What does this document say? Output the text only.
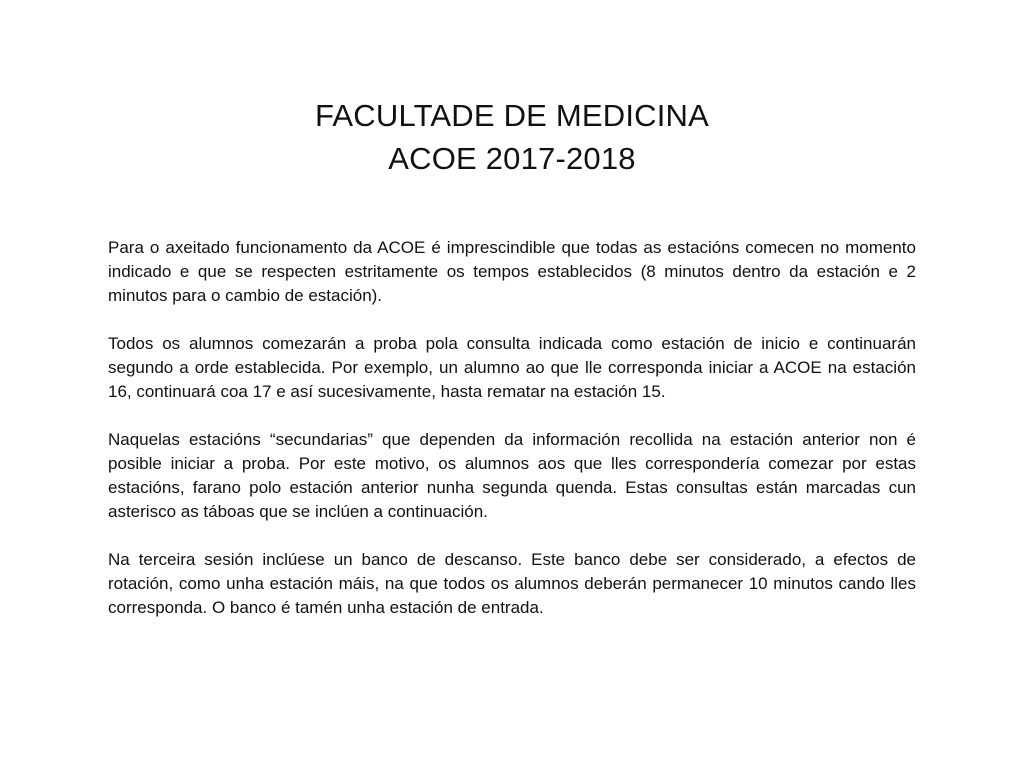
FACULTADE DE MEDICINA
ACOE 2017-2018

Para o axeitado funcionamento da ACOE é imprescindible que todas as estacións comecen no momento indicado e que se respecten estritamente os tempos establecidos (8 minutos dentro da estación e 2 minutos para o cambio de estación).

Todos os alumnos comezarán a proba pola consulta indicada como estación de inicio e continuarán segundo a orde establecida. Por exemplo, un alumno ao que lle corresponda iniciar a ACOE na estación 16, continuará coa 17 e así sucesivamente, hasta rematar na estación 15.

Naquelas estacións “secundarias” que dependen da información recollida na estación anterior non é posible iniciar a proba. Por este motivo, os alumnos aos que lles correspondería comezar por estas estacións, farano polo estación anterior nunha segunda quenda. Estas consultas están marcadas cun asterisco as táboas que se inclúen a continuación.

Na terceira sesión inclúese un banco de descanso. Este banco debe ser considerado, a efectos de rotación, como unha estación máis, na que todos os alumnos deberán permanecer 10 minutos cando lles corresponda. O banco é tamén unha estación de entrada.
